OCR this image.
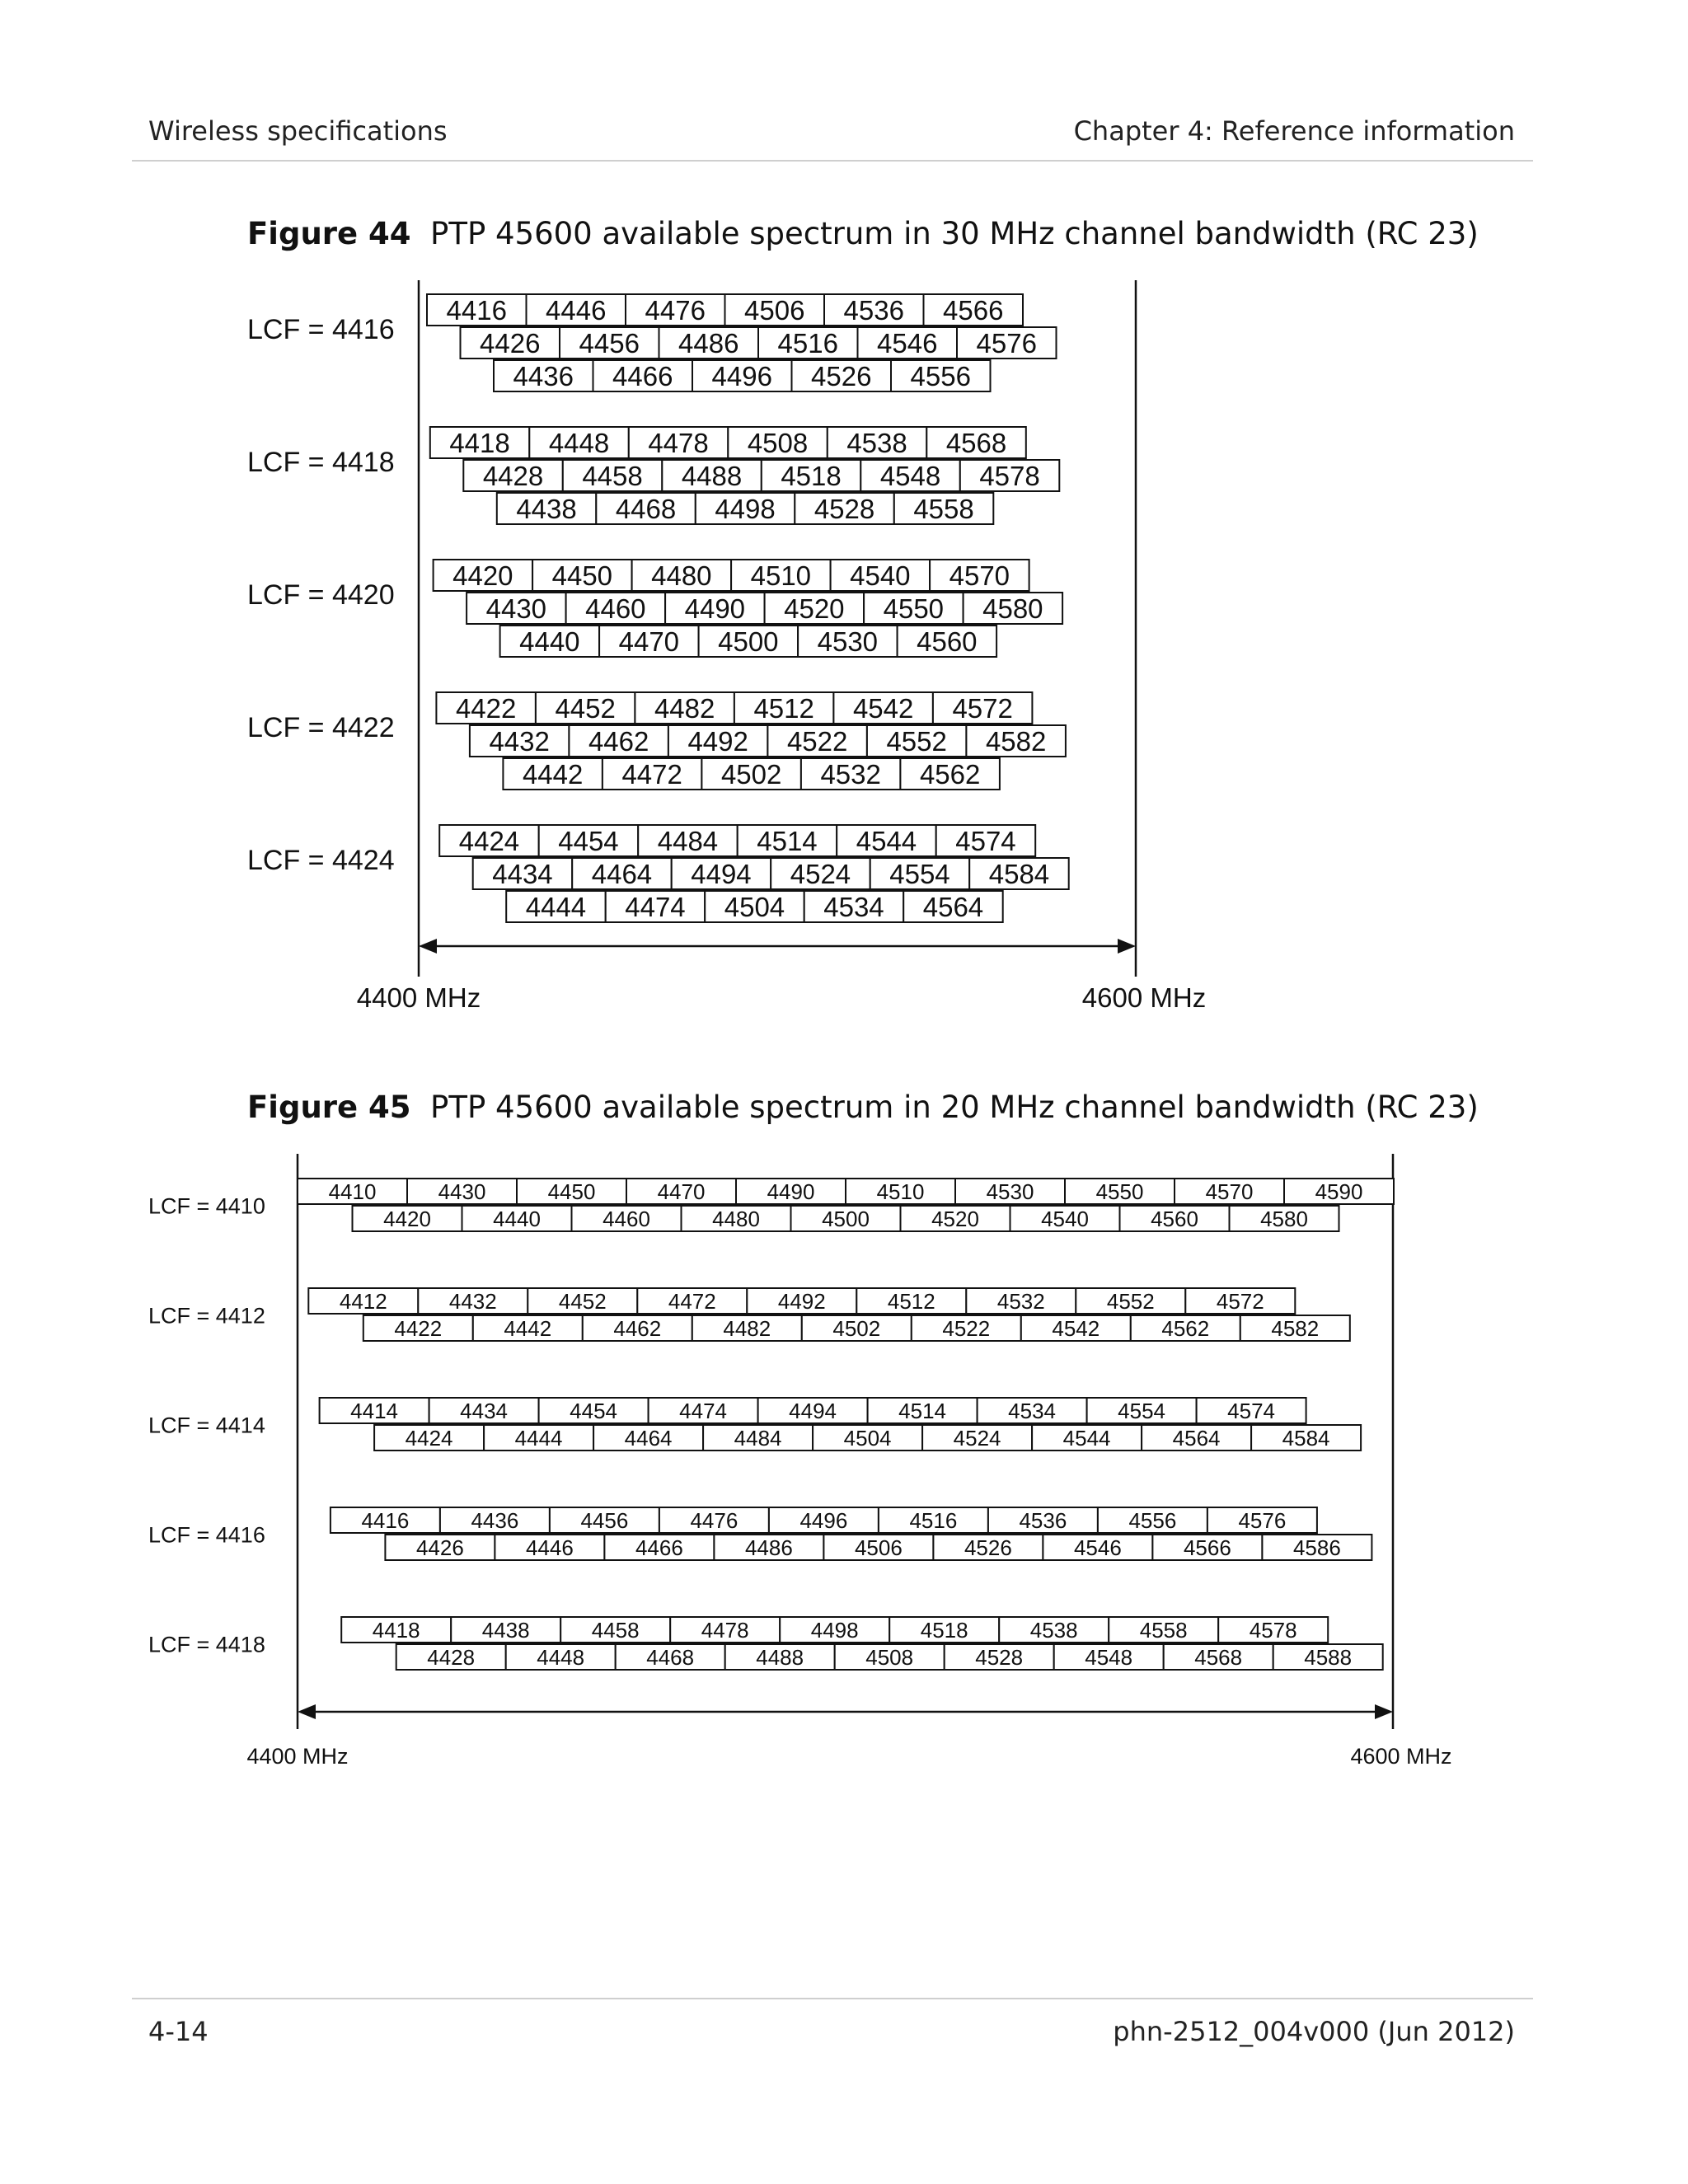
Wireless specifications	Chapter 4: Reference information
Figure 44 PTP 45600 available spectrum in 30 MHz channel bandwidth (RC 23)
Figure 45 PTP 45600 available spectrum in 20 MHz channel bandwidth (RC 23)
LCF = 4416
4416 4446 4476 4506 4536 4566
4426 4456 4486 4516 4546 4576
4436 4466 4496 4526 4556
LCF = 4418
4418 4448 4478 4508 4538 4568
4428 4458 4488 4518 4548 4578
4438 4468 4498 4528 4558
LCF = 4420
4420 4450 4480 4510 4540 4570
4430 4460 4490 4520 4550 4580
4440 4470 4500 4530 4560
LCF = 4422
4422 4452 4482 4512 4542 4572
4432 4462 4492 4522 4552 4582
4442 4472 4502 4532 4562
LCF = 4424
4424 4454 4484 4514 4544 4574
4434 4464 4494 4524 4554 4584
4444 4474 4504 4534 4564
4400 MHz	4600 MHz
LCF = 4410
4410	4430	4450	4470	4490	4510	4530	4550	4570	4590
4420	4440	4460	4480	4500	4520	4540	4560	4580
LCF = 4412
4412	4432	4452	4472	4492	4512	4532	4552	4572
4422	4442	4462	4482	4502	4522	4542	4562	4582
LCF = 4414
4414	4434	4454	4474	4494	4514	4534	4554	4574
4424	4444	4464	4484	4504	4524	4544	4564	4584
LCF = 4416
4416	4436	4456	4476	4496	4516	4536	4556	4576
4426	4446	4466	4486	4506	4526	4546	4566	4586
LCF = 4418
4418	4438	4458	4478	4498	4518	4538	4558	4578
4428	4448	4468	4488	4508	4528	4548	4568	4588
4400 MHz	4600 MHz
4-14	phn-2512_004v000 (Jun 2012)
